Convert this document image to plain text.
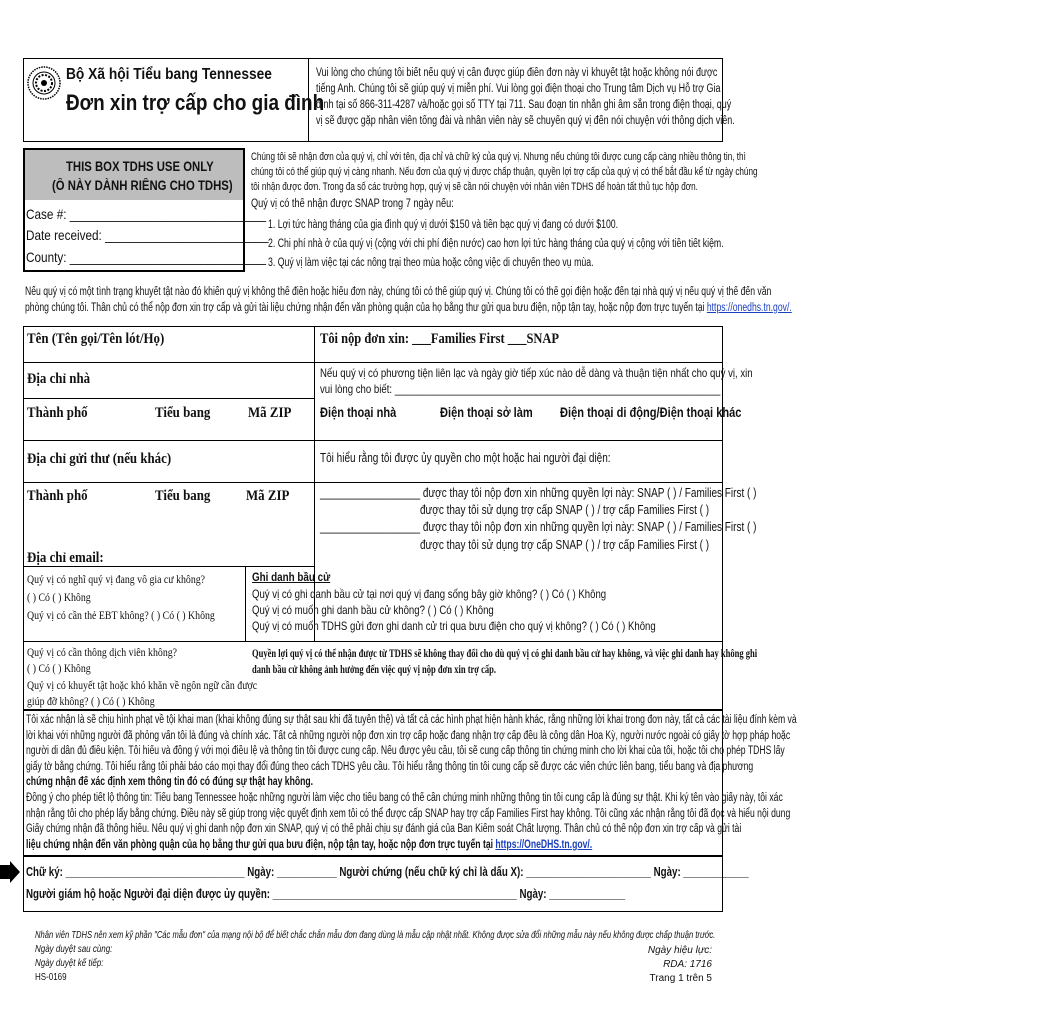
Bộ Xã hội Tiểu bang Tennessee
Đơn xin trợ cấp cho gia đình
Vui lòng cho chúng tôi biết nếu quý vị cần được giúp điền đơn này vì khuyết tật hoặc không nói được
tiếng Anh. Chúng tôi sẽ giúp quý vị miễn phí. Vui lòng gọi điện thoại cho Trung tâm Dịch vụ Hỗ trợ Gia
đình tại số 866-311-4287 và/hoặc gọi số TTY tại 711. Sau đoạn tin nhắn ghi âm sẵn trong điện thoại, quý
vị sẽ được gặp nhân viên tổng đài và nhân viên này sẽ chuyển quý vị đến nói chuyện với thông dịch viên.
THIS BOX TDHS USE ONLY
(Ô NÀY DÀNH RIÊNG CHO TDHS)
Case #: ______________________________
Date received: _________________________
County: ______________________________
Chúng tôi sẽ nhận đơn của quý vị, chỉ với tên, địa chỉ và chữ ký của quý vị. Nhưng nếu chúng tôi được cung cấp càng nhiều thông tin, thì
chúng tôi có thể giúp quý vị càng nhanh. Nếu đơn của quý vị được chấp thuận, quyền lợi trợ cấp của quý vị có thể bắt đầu kể từ ngày chúng
tôi nhận được đơn. Trong đa số các trường hợp, quý vị sẽ cần nói chuyện với nhân viên TDHS để hoàn tất thủ tục hộp đơn.
Quý vị có thể nhận được SNAP trong 7 ngày nếu:
1. Lợi tức hàng tháng của gia đình quý vị dưới $150 và tiền bạc quý vị đang có dưới $100.
2. Chi phí nhà ở của quý vị (cộng với chi phí điện nước) cao hơn lợi tức hàng tháng của quý vị cộng với tiền tiết kiệm.
3. Quý vị làm việc tại các nông trại theo mùa hoặc công việc di chuyển theo vụ mùa.
Nếu quý vị có một tình trạng khuyết tật nào đó khiến quý vị không thể điền hoặc hiểu đơn này, chúng tôi có thể giúp quý vị. Chúng tôi có thể gọi điện hoặc đến tại nhà quý vị nếu quý vị thể đến văn
phòng chúng tôi. Thân chủ có thể nộp đơn xin trợ cấp và gửi tài liệu chứng nhận đến văn phòng quận của họ bằng thư gửi qua bưu điện, nộp tận tay, hoặc nộp đơn trực tuyến tại https://onedhs.tn.gov/.
Tên (Tên gọi/Tên lót/Họ)
Địa chỉ nhà
Thành phố	Tiểu bang	Mã ZIP
Địa chỉ gửi thư (nếu khác)
Thành phố	Tiểu bang Mã ZIP
Địa chỉ email:
Quý vị có nghĩ quý vị đang vô gia cư không?
( ) Có ( ) Không
Quý vị có cần thẻ EBT không? ( ) Có ( ) Không
Quý vị có cần thông dịch viên không?
( ) Có ( ) Không
Quý vị có khuyết tật hoặc khó khăn về ngôn ngữ cần được
giúp đỡ không? ( ) Có ( ) Không
Tôi nộp đơn xin: ___Families First ___SNAP
Nếu quý vị có phương tiện liên lạc và ngày giờ tiếp xúc nào dễ dàng và thuận tiện nhất cho quý vị, xin
vui lòng cho biết: _____________________________________________________________
Điện thoại nhà	Điện thoại sở làm Điện thoại di động/Điện thoại khác
Tôi hiểu rằng tôi được ủy quyền cho một hoặc hai người đại diện:
__________________ được thay tôi nộp đơn xin những quyền lợi này: SNAP ( ) / Families First ( )
được thay tôi sử dụng trợ cấp SNAP ( ) / trợ cấp Families First ( )
__________________ được thay tôi nộp đơn xin những quyền lợi này: SNAP ( ) / Families First ( )
được thay tôi sử dụng trợ cấp SNAP ( ) / trợ cấp Families First ( )
Ghi danh bầu cử
Quý vị có ghi danh bầu cử tại nơi quý vị đang sống bây giờ không? ( ) Có ( ) Không
Quý vị có muốn ghi danh bầu cử không? ( ) Có ( ) Không
Quý vị có muốn TDHS gửi đơn ghi danh cử tri qua bưu điện cho quý vị không? ( ) Có ( ) Không
Quyền lợi quý vị có thể nhận được từ TDHS sẽ không thay đổi cho dù quý vị có ghi danh bầu cử hay không, và việc ghi danh hay không ghi
danh bầu cử không ảnh hưởng đến việc quý vị nộp đơn xin trợ cấp.
Tôi xác nhận là sẽ chịu hình phạt về tội khai man (khai không đúng sự thật sau khi đã tuyên thệ) và tất cả các hình phạt hiện hành khác, rằng những lời khai trong đơn này, tất cả các tài liệu đính kèm và
lời khai với những người đã phỏng vấn tôi là đúng và chính xác. Tất cả những người nộp đơn xin trợ cấp hoặc đang nhận trợ cấp đều là công dân Hoa Kỳ, người nước ngoài có giấy tờ hợp pháp hoặc
người di dân đủ điều kiện. Tôi hiểu và đồng ý với mọi điều lệ và thông tin tôi được cung cấp. Nếu được yêu cầu, tôi sẽ cung cấp thông tin chứng minh cho lời khai của tôi, hoặc tôi cho phép TDHS lấy
giấy tờ bằng chứng. Tôi hiểu rằng tôi phải báo cáo mọi thay đổi đúng theo cách TDHS yêu cầu. Tôi hiểu rằng thông tin tôi cung cấp sẽ được các viên chức liên bang, tiểu bang và địa phương
chứng nhận để xác định xem thông tin đó có đúng sự thật hay không.
Đồng ý cho phép tiết lộ thông tin: Tiểu bang Tennessee hoặc những người làm việc cho tiểu bang có thể cần chứng minh những thông tin tôi cung cấp là đúng sự thật. Khi ký tên vào giấy này, tôi xác
nhận rằng tôi cho phép lấy bằng chứng. Điều này sẽ giúp trong việc quyết định xem tôi có thể được cấp SNAP hay trợ cấp Families First hay không. Tôi cũng xác nhận rằng tôi đã đọc và hiểu nội dung
Giấy chứng nhận đã thông hiểu. Nếu quý vị ghi danh nộp đơn xin SNAP, quý vị có thể phải chịu sự đánh giá của Ban Kiểm soát Chất lượng. Thân chủ có thể nộp đơn xin trợ cấp và gửi tài
liệu chứng nhận đến văn phòng quận của họ bằng thư gửi qua bưu điện, nộp tận tay, hoặc nộp đơn trực tuyến tại https://OneDHS.tn.gov/.
Chữ ký: _________________________________ Ngày: ___________ Người chứng (nếu chữ ký chỉ là dấu X): _______________________ Ngày: ____________
Người giám hộ hoặc Người đại diện được ủy quyền: _____________________________________________ Ngày: ______________
Nhân viên TDHS nên xem kỹ phần "Các mẫu đơn" của mạng nội bộ để biết chắc chắn mẫu đơn đang dùng là mẫu cập nhật nhất. Không được sửa đổi những mẫu này nếu không được chấp thuận trước.
Ngày duyệt sau cùng:
Ngày duyệt kế tiếp:
HS-0169
Ngày hiệu lực:
RDA: 1716
Trang 1 trên 5
